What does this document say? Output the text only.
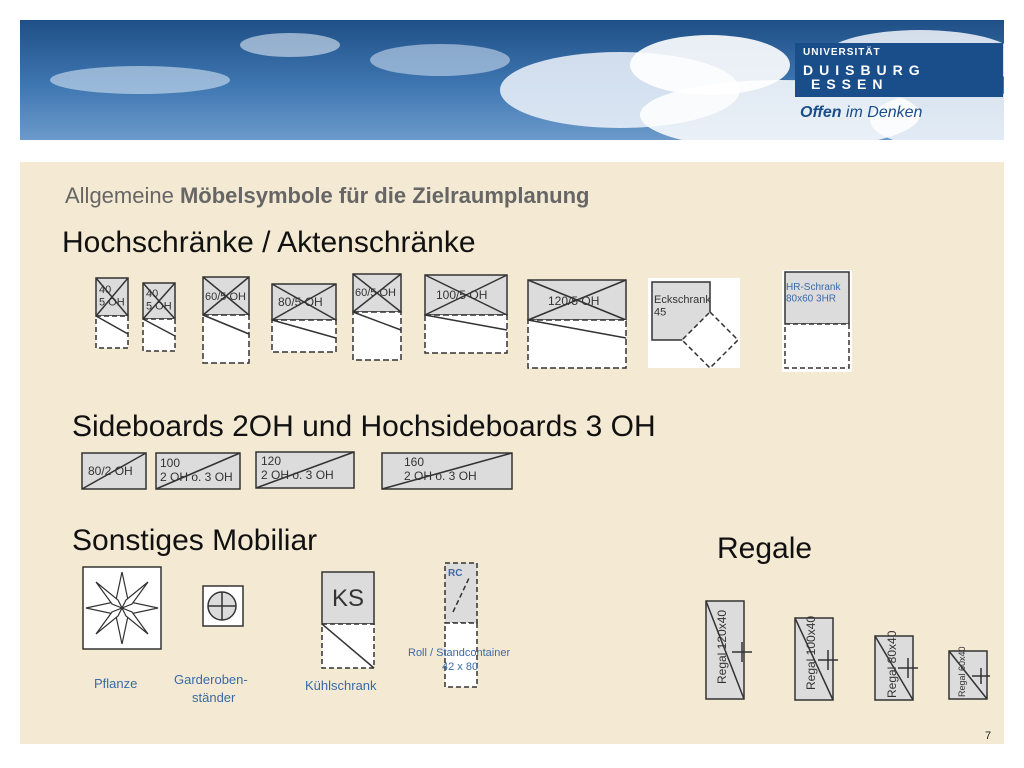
UNIVERSITÄT
DUISBURG
ESSEN
Offen im Denken
Allgemeine Möbelsymbole für die Zielraumplanung
Hochschränke / Aktenschränke
Sideboards 2OH und Hochsideboards 3 OH
Sonstiges Mobiliar	Regale
40 5 OH
40 5 OH
60/5 OH	80/5 OH
60/5 OH	100/5 OH	120/5 OH	Eckschrank 45
HR-Schrank 80x60 3HR
80/2 OH
100 2 OH o. 3 OH
120 2 OH o. 3 OH
160 2 OH o. 3 OH
KS
RC
Regal 120x40	Regal 100x40	Regal 80x40	Regal 60x40
Pflanze	Garderoben-
ständer
Kühlschrank
Roll / Standcontainer
42 x 80
7
